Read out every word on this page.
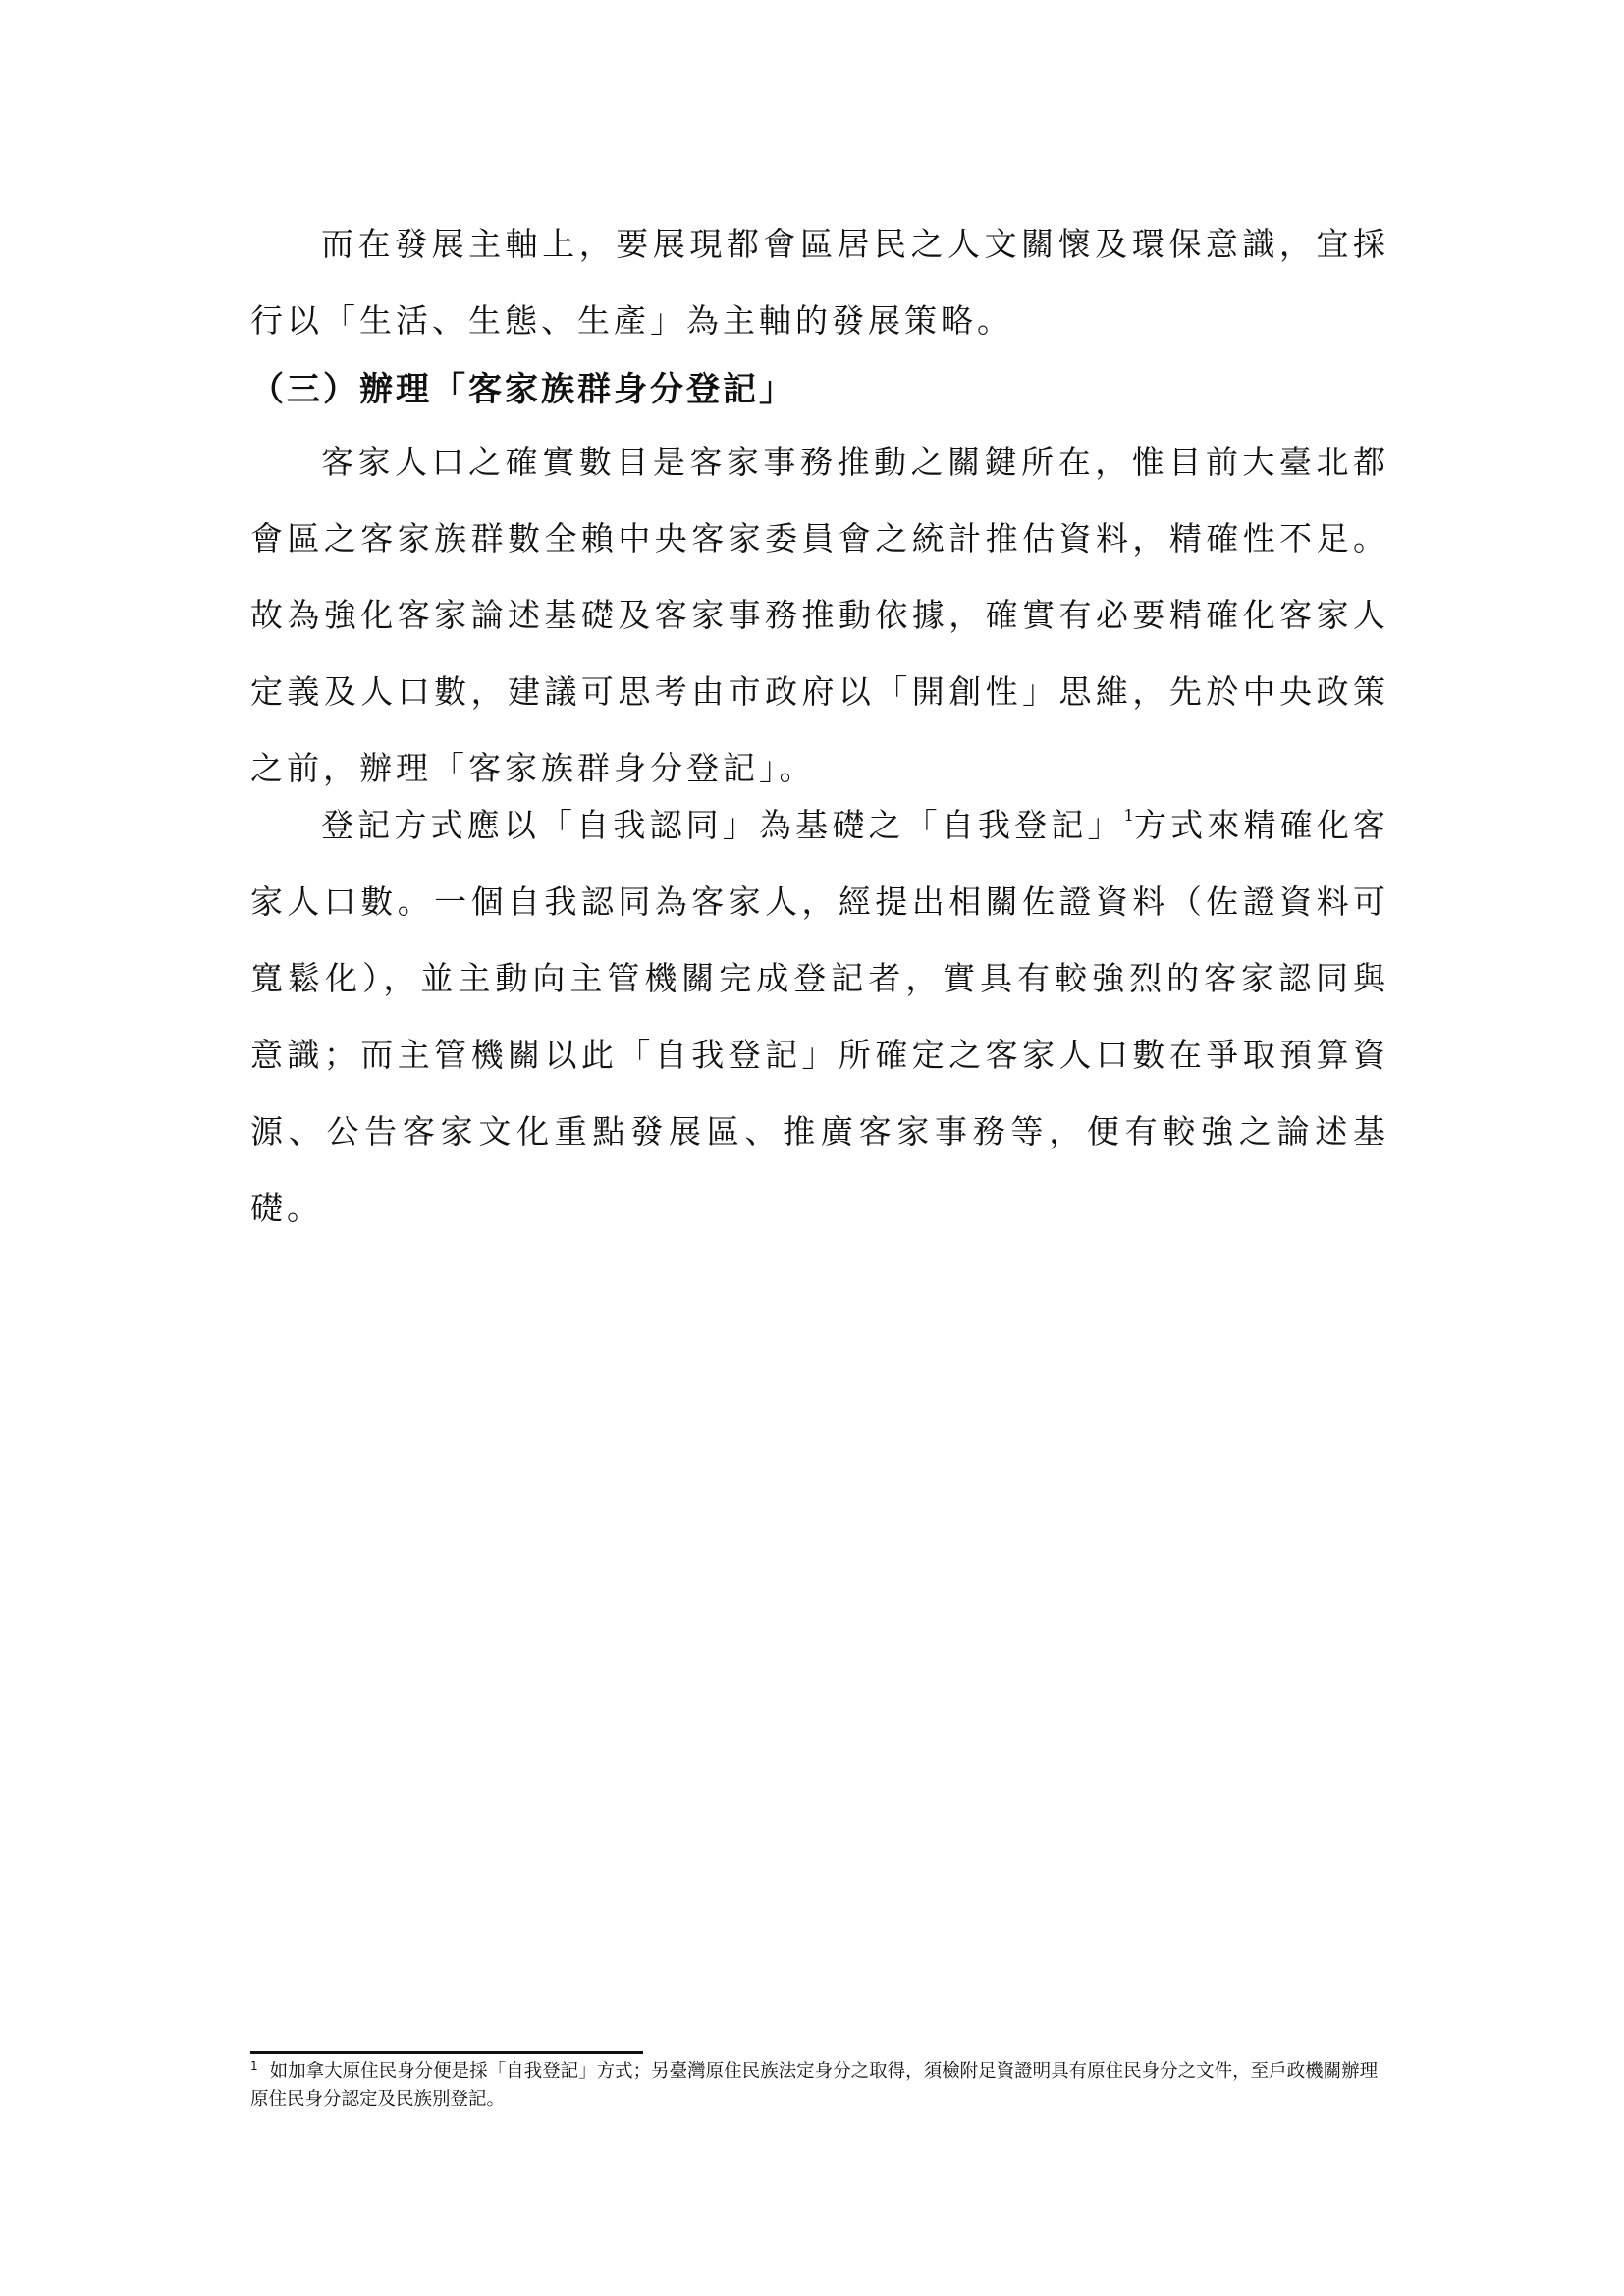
而在發展主軸上，要展現都會區居民之人文關懷及環保意識，宜採行以「生活、生態、生產」為主軸的發展策略。

（三）辦理「客家族群身分登記」

客家人口之確實數目是客家事務推動之關鍵所在，惟目前大臺北都會區之客家族群數全賴中央客家委員會之統計推估資料，精確性不足。故為強化客家論述基礎及客家事務推動依據，確實有必要精確化客家人定義及人口數，建議可思考由市政府以「開創性」思維，先於中央政策之前，辦理「客家族群身分登記」。

登記方式應以「自我認同」為基礎之「自我登記」$^1$方式來精確化客家人口數。一個自我認同為客家人，經提出相關佐證資料（佐證資料可寬鬆化），並主動向主管機關完成登記者，實具有較強烈的客家認同與意識；而主管機關以此「自我登記」所確定之客家人口數在爭取預算資源、公告客家文化重點發展區、推廣客家事務等，便有較強之論述基礎。

$^1$ 如加拿大原住民身分便是採「自我登記」方式；另臺灣原住民族法定身分之取得，須檢附足資證明具有原住民身分之文件，至戶政機關辦理原住民身分認定及民族別登記。
